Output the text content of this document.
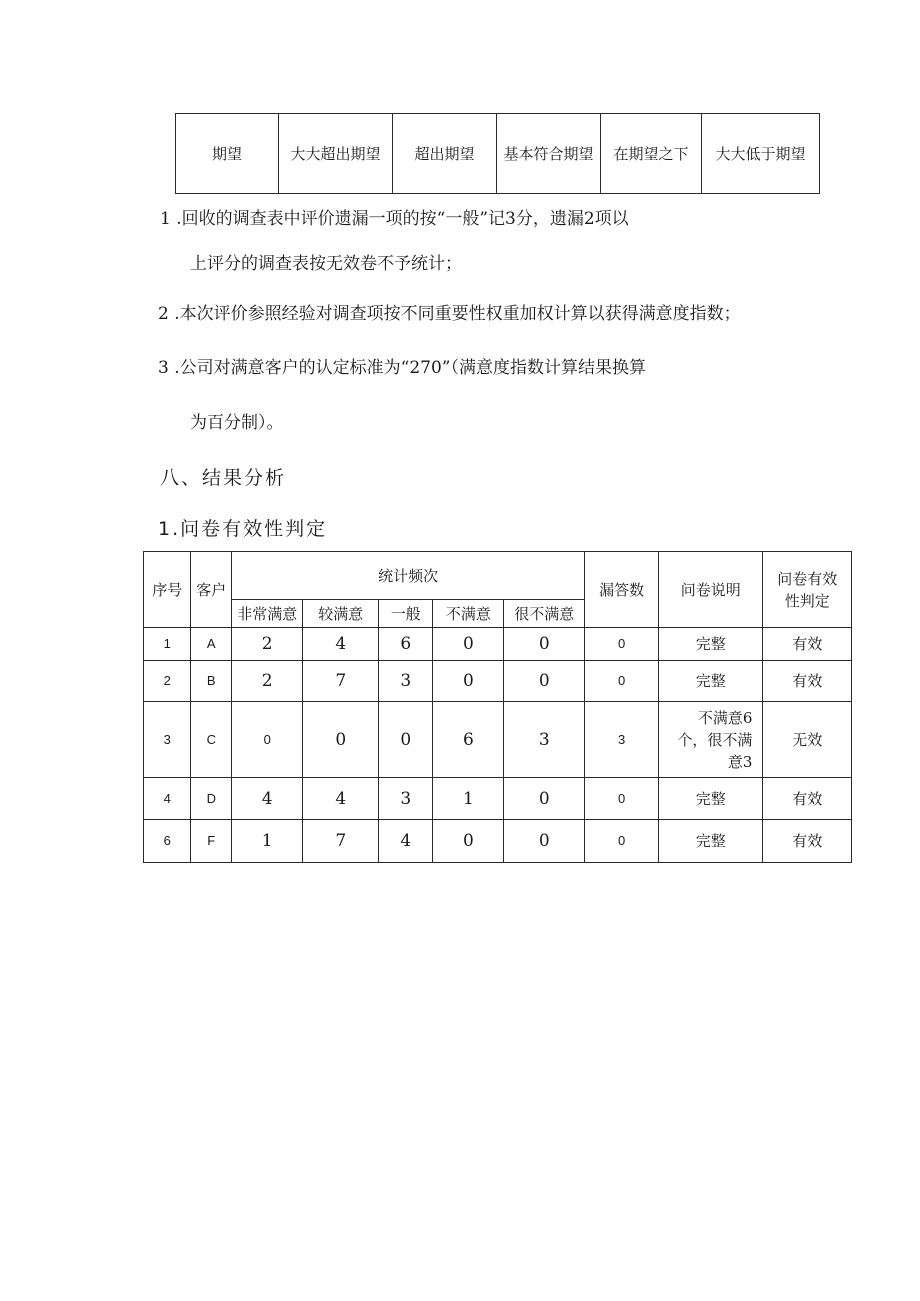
期望	大大超出期望	超出期望	基本符合期望	在期望之下	大大低于期望
1 .回收的调查表中评价遗漏一项的按“一般”记3分，遗漏2项以
上评分的调查表按无效卷不予统计；
2 .本次评价参照经验对调查项按不同重要性权重加权计算以获得满意度指数；
3 .公司对满意客户的认定标准为“270”（满意度指数计算结果换算
为百分制）。
八、结果分析
1.问卷有效性判定
序号	客户	统计频次					漏答数	问卷说明	问卷有效性判定
		非常满意	较满意	一般	不满意	很不满意			
1	A	2	4	6	0	0	0	完整	有效
2	B	2	7	3	0	0	0	完整	有效
3	C	0	0	0	6	3	3	不满意6个，很不满意3	无效
4	D	4	4	3	1	0	0	完整	有效
6	F	1	7	4	0	0	0	完整	有效
